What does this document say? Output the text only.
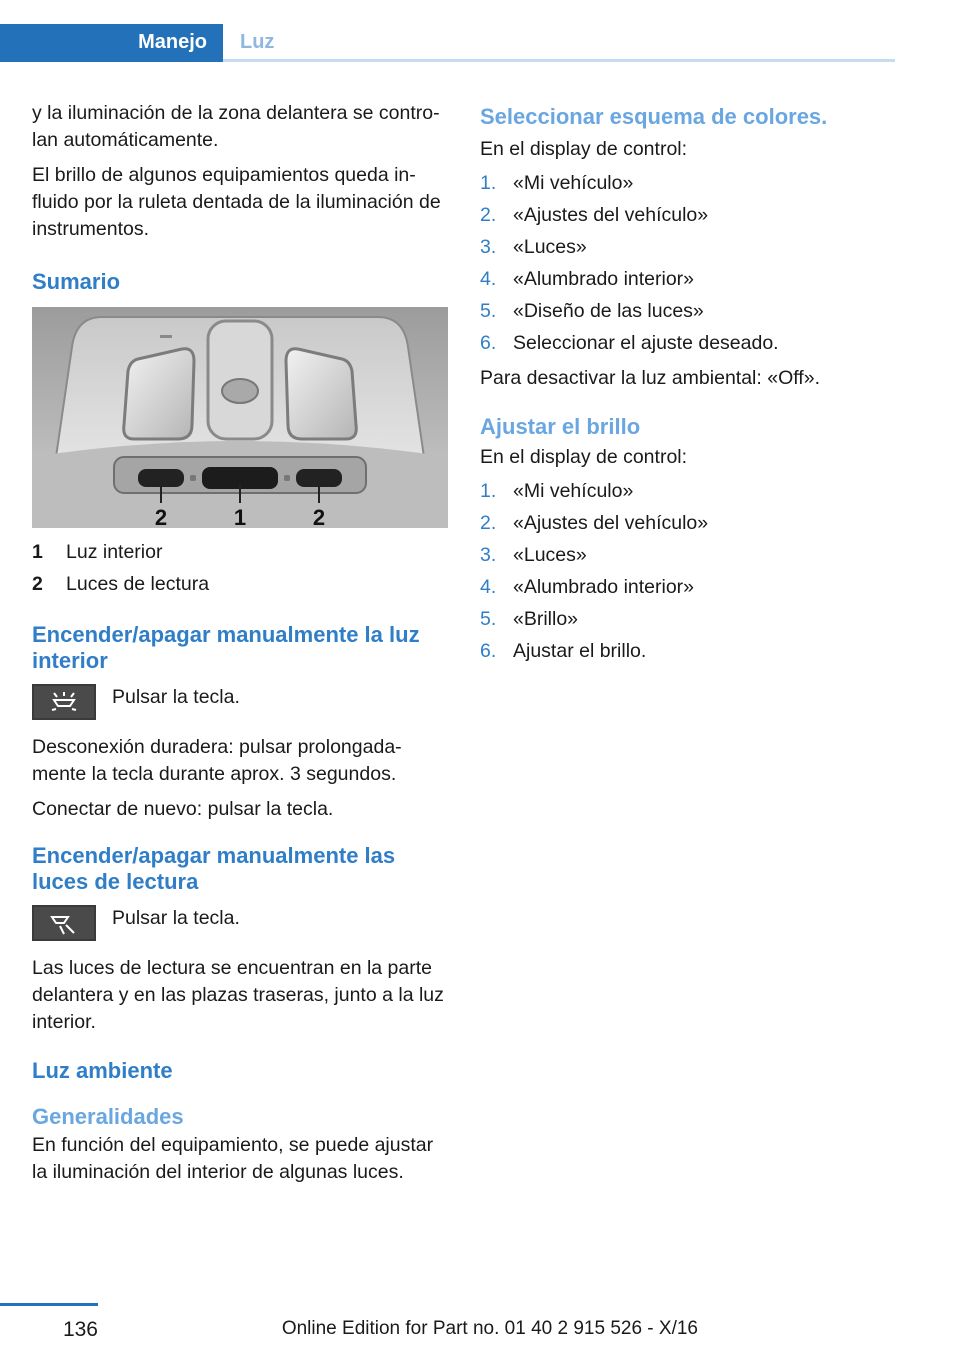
Manejo Luz

y la iluminación de la zona delantera se controlan automáticamente.

El brillo de algunos equipamientos queda influido por la ruleta dentada de la iluminación de instrumentos.

Sumario
2	1	2
1	Luz interior
2	Luces de lectura
Encender/apagar manualmente la luz interior
Pulsar la tecla.

Desconexión duradera: pulsar prolongadamente la tecla durante aprox. 3 segundos.

Conectar de nuevo: pulsar la tecla.

Encender/apagar manualmente las luces de lectura
Pulsar la tecla.

Las luces de lectura se encuentran en la parte delantera y en las plazas traseras, junto a la luz interior.

Luz ambiente
Generalidades

En función del equipamiento, se puede ajustar la iluminación del interior de algunas luces.

Seleccionar esquema de colores.

En el display de control:

1. «Mi vehículo»
2. «Ajustes del vehículo»
3. «Luces»
4. «Alumbrado interior»
5. «Diseño de las luces»
6. Seleccionar el ajuste deseado.

Para desactivar la luz ambiental: «Off».

Ajustar el brillo

En el display de control:

1. «Mi vehículo»
2. «Ajustes del vehículo»
3. «Luces»
4. «Alumbrado interior»
5. «Brillo»
6. Ajustar el brillo.
136	Online Edition for Part no. 01 40 2 915 526 - X/16
